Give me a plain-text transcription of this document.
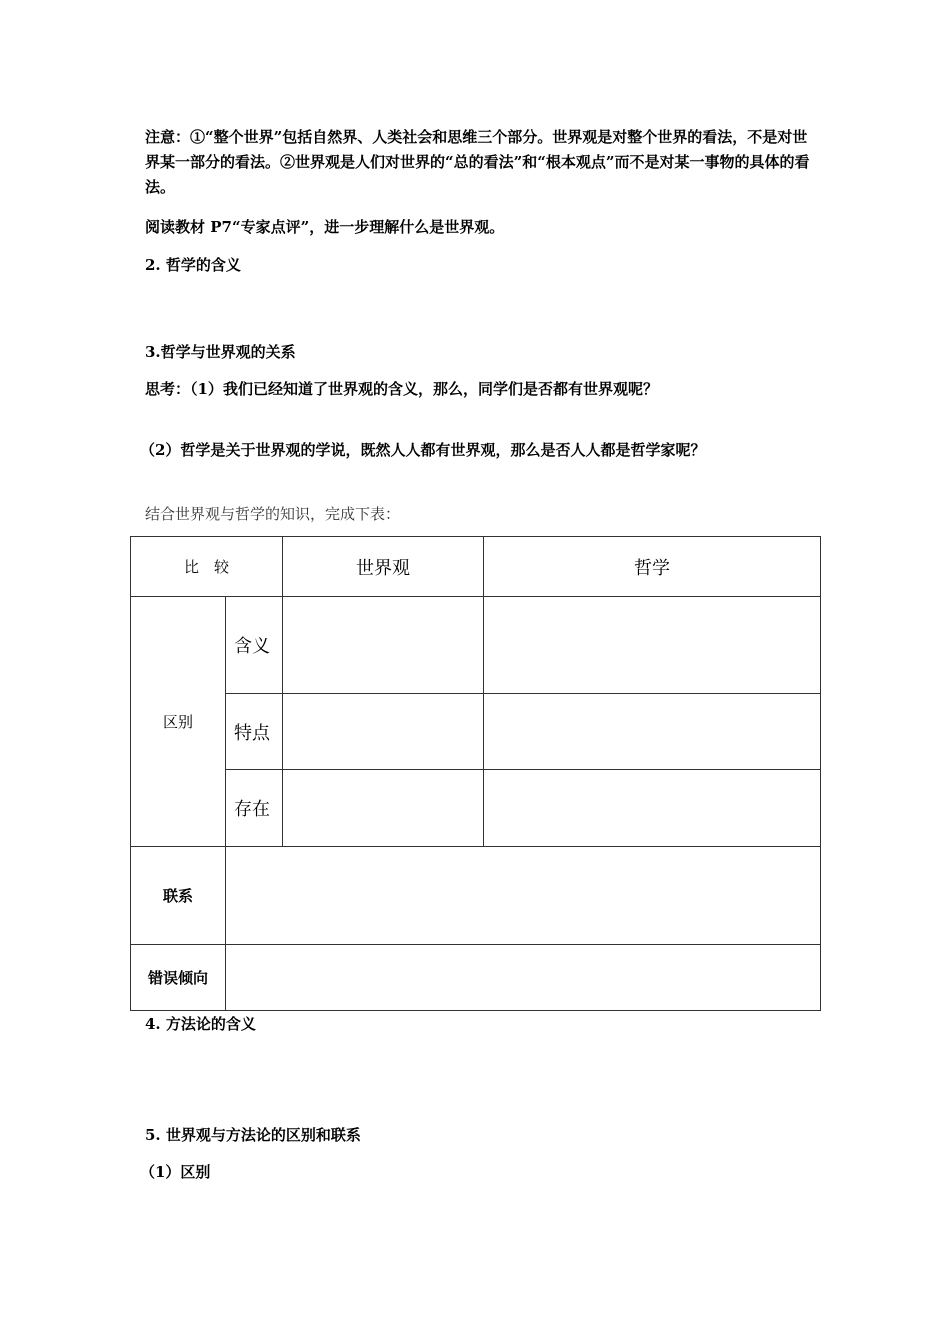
注意：①“整个世界”包括自然界、人类社会和思维三个部分。世界观是对整个世界的看法，不是对世界某一部分的看法。②世界观是人们对世界的“总的看法”和“根本观点”而不是对某一事物的具体的看法。

阅读教材 P7“专家点评”，进一步理解什么是世界观。

2. 哲学的含义

3.哲学与世界观的关系

思考：（1）我们已经知道了世界观的含义，那么，同学们是否都有世界观呢？

（2）哲学是关于世界观的学说，既然人人都有世界观，那么是否人人都是哲学家呢？

结合世界观与哲学的知识，完成下表：

比　较		世界观	哲学
区别	含义		
	特点		
	存在		
联系			
错误倾向			

4. 方法论的含义

5. 世界观与方法论的区别和联系

（1）区别
